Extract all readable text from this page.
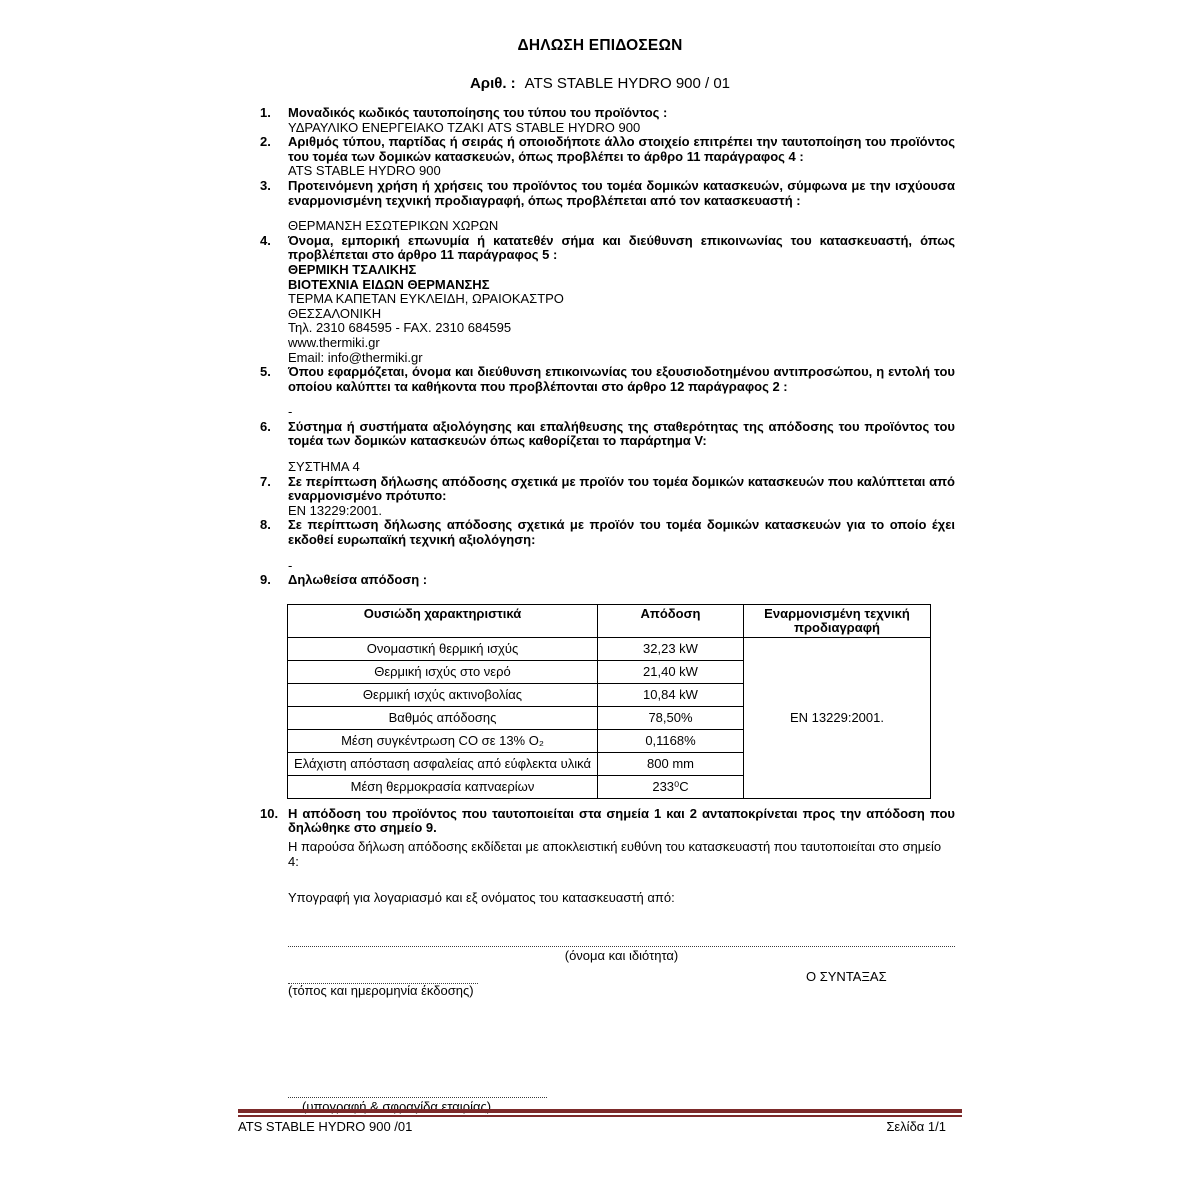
ΔΗΛΩΣΗ ΕΠΙΔΟΣΕΩΝ
Αριθ. : ATS STABLE HYDRO 900 / 01
1.	Μοναδικός κωδικός ταυτοποίησης του τύπου του προϊόντος :

ΥΔΡΑΥΛΙΚΟ ΕΝΕΡΓΕΙΑΚΟ ΤΖΑΚΙ ATS STABLE HYDRO 900

2.	Αριθμός τύπου, παρτίδας ή σειράς ή οποιοδήποτε άλλο στοιχείο επιτρέπει την ταυτοποίηση του προϊόντος του τομέα των δομικών κατασκευών, όπως προβλέπει το άρθρο 11 παράγραφος 4 :

ATS STABLE HYDRO 900

3.	Προτεινόμενη χρήση ή χρήσεις του προϊόντος του τομέα δομικών κατασκευών, σύμφωνα με την ισχύουσα εναρμονισμένη τεχνική προδιαγραφή, όπως προβλέπεται από τον κατασκευαστή :

ΘΕΡΜΑΝΣΗ ΕΣΩΤΕΡΙΚΩΝ ΧΩΡΩΝ

4.	Όνομα, εμπορική επωνυμία ή κατατεθέν σήμα και διεύθυνση επικοινωνίας του κατασκευαστή, όπως προβλέπεται στο άρθρο 11 παράγραφος 5 :

ΘΕΡΜΙΚΗ ΤΣΑΛΙΚΗΣ

ΒΙΟΤΕΧΝΙΑ ΕΙΔΩΝ ΘΕΡΜΑΝΣΗΣ

ΤΕΡΜΑ ΚΑΠΕΤΑΝ ΕΥΚΛΕΙΔΗ, ΩΡΑΙΟΚΑΣΤΡΟ

ΘΕΣΣΑΛΟΝΙΚΗ

Τηλ. 2310 684595 - FAX. 2310 684595

www.thermiki.gr

Email: info@thermiki.gr

5.	Όπου εφαρμόζεται, όνομα και διεύθυνση επικοινωνίας του εξουσιοδοτημένου αντιπροσώπου, η εντολή του οποίου καλύπτει τα καθήκοντα που προβλέπονται στο άρθρο 12 παράγραφος 2 :

-

6.	Σύστημα ή συστήματα αξιολόγησης και επαλήθευσης της σταθερότητας της απόδοσης του προϊόντος του τομέα των δομικών κατασκευών όπως καθορίζεται το παράρτημα V:

ΣΥΣΤΗΜΑ 4

7.	Σε περίπτωση δήλωσης απόδοσης σχετικά με προϊόν του τομέα δομικών κατασκευών που καλύπτεται από εναρμονισμένο πρότυπο:

EN 13229:2001.

8.	Σε περίπτωση δήλωσης απόδοσης σχετικά με προϊόν του τομέα δομικών κατασκευών για το οποίο έχει εκδοθεί ευρωπαϊκή τεχνική αξιολόγηση:

-

9.	Δηλωθείσα απόδοση :

Ουσιώδη χαρακτηριστικά	Απόδοση	Εναρμονισμένη τεχνική προδιαγραφή
Ονομαστική θερμική ισχύς	32,23 kW	EN 13229:2001.
Θερμική ισχύς στο νερό	21,40 kW	
Θερμική ισχύς ακτινοβολίας	10,84 kW	
Βαθμός απόδοσης	78,50%	
Μέση συγκέντρωση CO σε 13% O₂	0,1168%	
Ελάχιστη απόσταση ασφαλείας από εύφλεκτα υλικά	800 mm	
Μέση θερμοκρασία καπναερίων	233⁰C	
10. Η απόδοση του προϊόντος που ταυτοποιείται στα σημεία 1 και 2 ανταποκρίνεται προς την απόδοση που δηλώθηκε στο σημείο 9.

Η παρούσα δήλωση απόδοσης εκδίδεται με αποκλειστική ευθύνη του κατασκευαστή που ταυτοποιείται στο σημείο 4:

Υπογραφή για λογαριασμό και εξ ονόματος του κατασκευαστή από:

(όνομα και ιδιότητα)

Ο ΣΥΝΤΑΞΑΣ

(τόπος και ημερομηνία έκδοσης)

(υπογραφή & σφραγίδα εταιρίας)

ATS STABLE HYDRO 900 /01	Σελίδα 1/1
